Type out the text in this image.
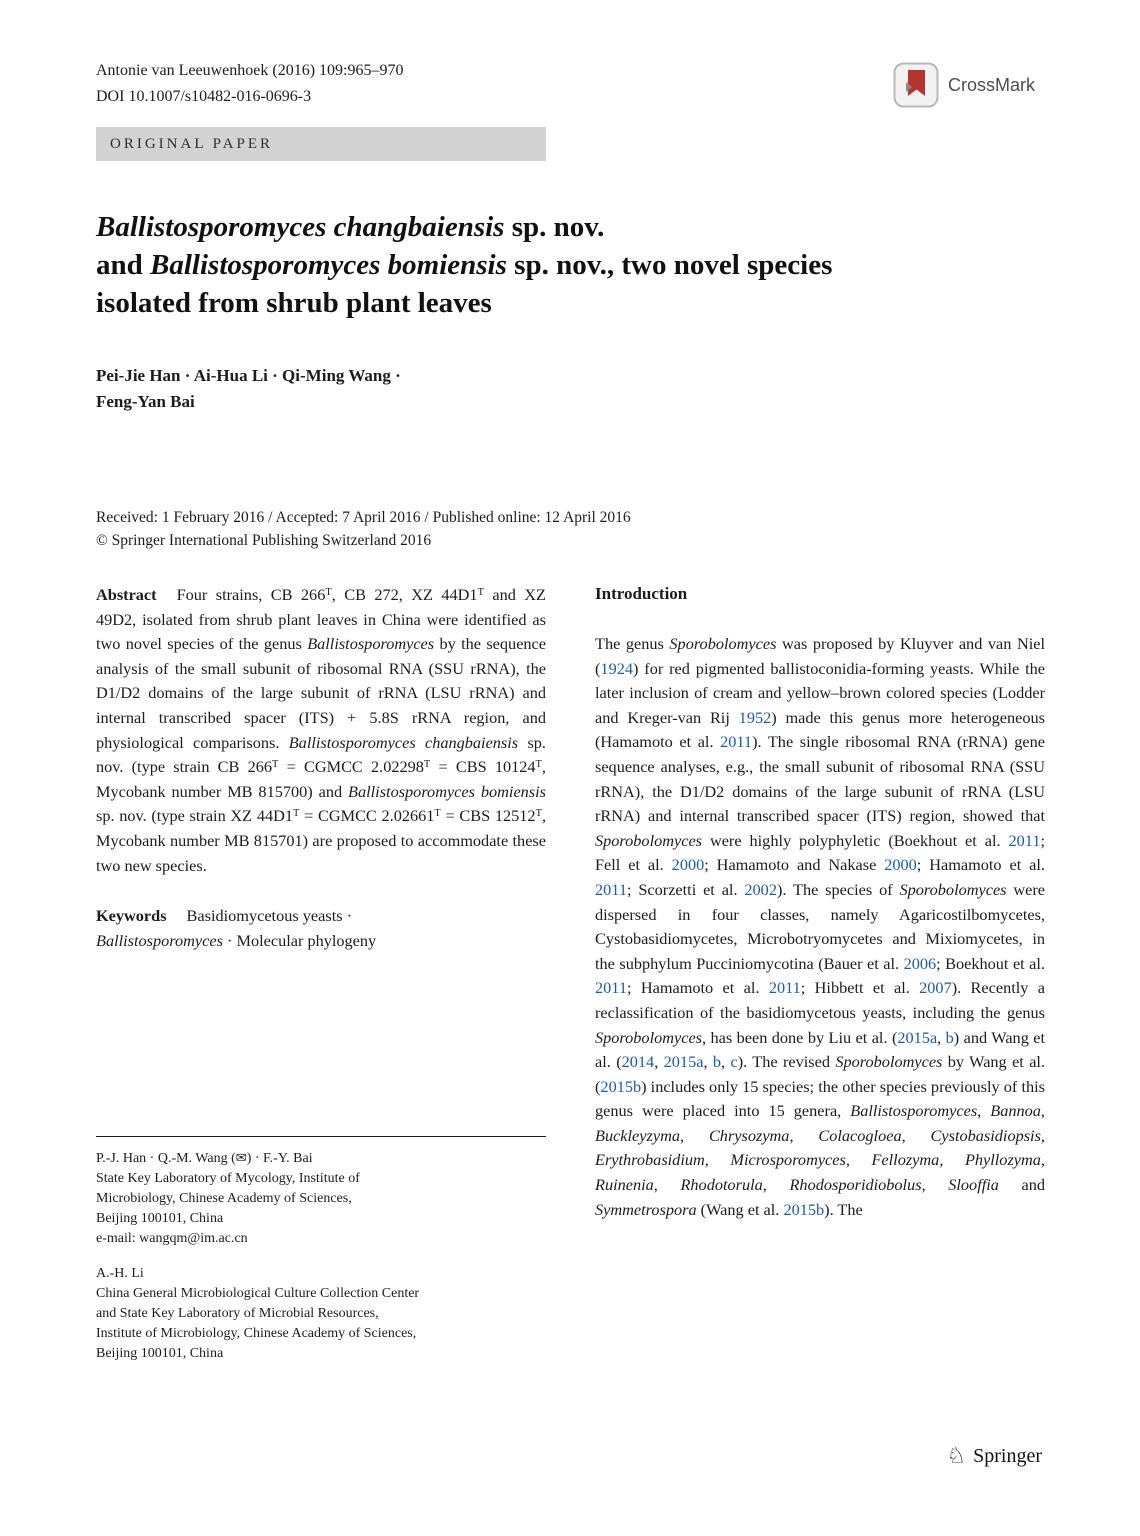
Antonie van Leeuwenhoek (2016) 109:965–970
DOI 10.1007/s10482-016-0696-3
CrossMark
ORIGINAL PAPER
Ballistosporomyces changbaiensis sp. nov.
and Ballistosporomyces bomiensis sp. nov., two novel species
isolated from shrub plant leaves
Pei-Jie Han · Ai-Hua Li · Qi-Ming Wang ·
Feng-Yan Bai
Received: 1 February 2016 / Accepted: 7 April 2016 / Published online: 12 April 2016
© Springer International Publishing Switzerland 2016

Abstract Four strains, CB $266^T$, CB 272, XZ $44D1^T$ and XZ 49D2, isolated from shrub plant leaves in China were identified as two novel species of the genus Ballistosporomyces by the sequence analysis of the small subunit of ribosomal RNA (SSU rRNA), the D1/D2 domains of the large subunit of rRNA (LSU rRNA) and internal transcribed spacer (ITS) + 5.8S rRNA region, and physiological comparisons. Ballistosporomyces changbaiensis sp. nov. (type strain CB $266^T$ = CGMCC $2.02298^T$ = CBS $10124^T$, Mycobank number MB 815700) and Ballistosporomyces bomiensis sp. nov. (type strain XZ $44D1^T$ = CGMCC $2.02661^T$ = CBS $12512^T$, Mycobank number MB 815701) are proposed to accommodate these two new species.

Keywords Basidiomycetous yeasts ·
Ballistosporomyces · Molecular phylogeny

Introduction

The genus Sporobolomyces was proposed by Kluyver and van Niel (1924) for red pigmented ballistoconidia-forming yeasts. While the later inclusion of cream and yellow–brown colored species (Lodder and Kreger-van Rij 1952) made this genus more heterogeneous (Hamamoto et al. 2011). The single ribosomal RNA (rRNA) gene sequence analyses, e.g., the small subunit of ribosomal RNA (SSU rRNA), the D1/D2 domains of the large subunit of rRNA (LSU rRNA) and internal transcribed spacer (ITS) region, showed that Sporobolomyces were highly polyphyletic (Boekhout et al. 2011; Fell et al. 2000; Hamamoto and Nakase 2000; Hamamoto et al. 2011; Scorzetti et al. 2002). The species of Sporobolomyces were dispersed in four classes, namely Agaricostilbomycetes, Cystobasidiomycetes, Microbotryomycetes and Mixiomycetes, in the subphylum Pucciniomycotina (Bauer et al. 2006; Boekhout et al. 2011; Hamamoto et al. 2011; Hibbett et al. 2007). Recently a reclassification of the basidiomycetous yeasts, including the genus Sporobolomyces, has been done by Liu et al. (2015a, b) and Wang et al. (2014, 2015a, b, c). The revised Sporobolomyces by Wang et al. (2015b) includes only 15 species; the other species previously of this genus were placed into 15 genera, Ballistosporomyces, Bannoa, Buckleyzyma, Chrysozyma, Colacogloea, Cystobasidiopsis, Erythrobasidium, Microsporomyces, Fellozyma, Phyllozyma, Ruinenia, Rhodotorula, Rhodosporidiobolus, Slooffia and Symmetrospora (Wang et al. 2015b). The

P.-J. Han · Q.-M. Wang (✉) · F.-Y. Bai
State Key Laboratory of Mycology, Institute of
Microbiology, Chinese Academy of Sciences,
Beijing 100101, China
e-mail: wangqm@im.ac.cn

A.-H. Li
China General Microbiological Culture Collection Center
and State Key Laboratory of Microbial Resources,
Institute of Microbiology, Chinese Academy of Sciences,
Beijing 100101, China

♘ Springer
